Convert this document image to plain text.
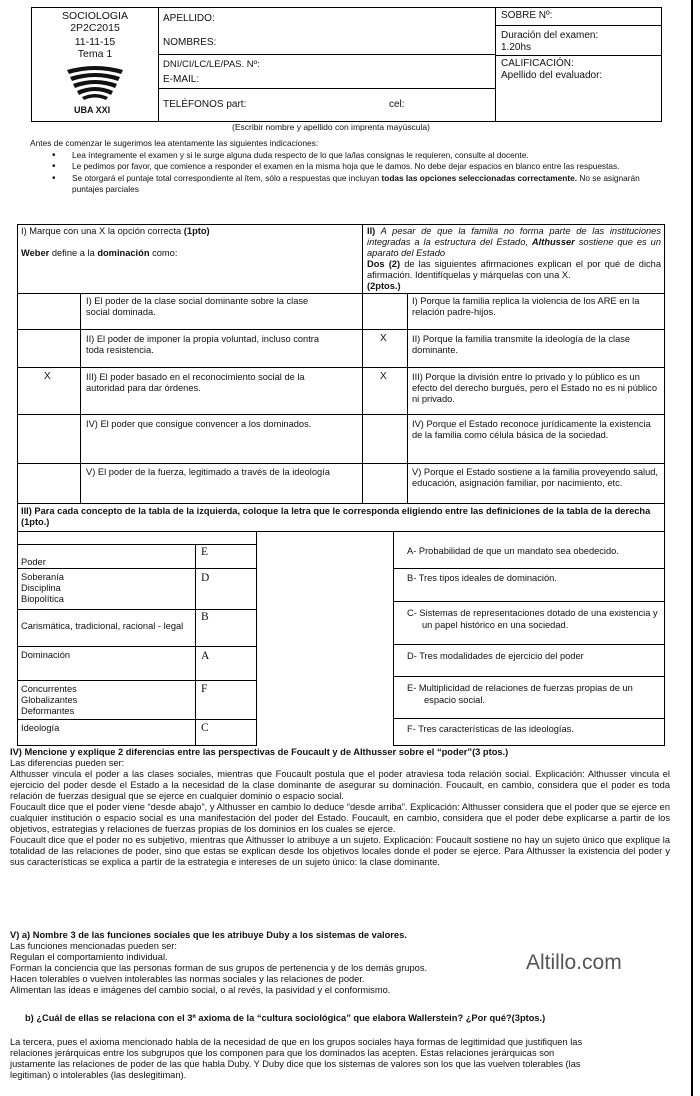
SOCIOLOGIA
2P2C2015
11-11-15
Tema 1
UBA XXI
APELLIDO:
NOMBRES:
DNI/CI/LC/LE/PAS. Nº:
E-MAIL:
TELÉFONOS part:	cel:
SOBRE Nº:
Duración del examen:
1.20hs
CALIFICACIÓN:
Apellido del evaluador:
(Escribir nombre y apellido con imprenta mayúscula)
Antes de comenzar le sugerimos lea atentamente las siguientes indicaciones:
• Lea íntegramente el examen y si le surge alguna duda respecto de lo que la/las consignas le requieren, consulte al docente.
• Le pedimos por favor, que comience a responder el examen en la misma hoja que le damos. No debe dejar espacios en blanco entre las respuestas.
• Se otorgará el puntaje total correspondiente al ítem, sólo a respuestas que incluyan todas las opciones seleccionadas correctamente. No se asignarán puntajes parciales
I) Marque con una X la opción correcta (1pto)
Weber define a la dominación como:
II) A pesar de que la familia no forma parte de las instituciones integradas a la estructura del Estado, Althusser sostiene que es un aparato del Estado
Dos (2) de las siguientes afirmaciones explican el por qué de dicha afirmación. Identifíquelas y márquelas con una X.
(2ptos.)
X
I) El poder de la clase social dominante sobre la clase social dominada.
II) El poder de imponer la propia voluntad, incluso contra toda resistencia.
III) El poder basado en el reconocimiento social de la autoridad para dar órdenes.
IV) El poder que consigue convencer a los dominados.
V) El poder de la fuerza, legitimado a través de la ideología
X
X
I) Porque la familia replica la violencia de los ARE en la relación padre-hijos.
II) Porque la familia transmite la ideología de la clase dominante.
III) Porque la división entre lo privado y lo público es un efecto del derecho burgués, pero el Estado no es ni público ni privado.
IV) Porque el Estado reconoce jurídicamente la existencia de la familia como célula básica de la sociedad.
V) Porque el Estado sostiene a la familia proveyendo salud, educación, asignación familiar, por nacimiento, etc.
III) Para cada concepto de la tabla de la izquierda, coloque la letra que le corresponda eligiendo entre las definiciones de la tabla de la derecha (1pto.)
Poder
Soberanía
Disciplina
Biopolítica
Carismática, tradicional, racional - legal
Dominación
Concurrentes
Globalizantes
Deformantes
Ideología
E
D
B
A
F
C
A- Probabilidad de que un mandato sea obedecido.
B- Tres tipos ideales de dominación.
C- Sistemas de representaciones dotado de una existencia y un papel histórico en una sociedad.
D- Tres modalidades de ejercicio del poder
E- Multiplicidad de relaciones de fuerzas propias de un espacio social.
F- Tres características de las ideologías.
IV) Mencione y explique 2 diferencias entre las perspectivas de Foucault y de Althusser sobre el “poder”(3 ptos.)
Las diferencias pueden ser:
Althusser vincula el poder a las clases sociales, mientras que Foucault postula que el poder atraviesa toda relación social. Explicación: Althusser vincula el ejercicio del poder desde el Estado a la necesidad de la clase dominante de asegurar su dominación. Foucault, en cambio, considera que el poder es toda relación de fuerzas desigual que se ejerce en cualquier dominio o espacio social.
Foucault dice que el poder viene “desde abajo”, y Althusser en cambio lo deduce “desde arriba”. Explicación: Althusser considera que el poder que se ejerce en cualquier institución o espacio social es una manifestación del poder del Estado. Foucault, en cambio, considera que el poder debe explicarse a partir de los objetivos, estrategias y relaciones de fuerzas propias de los dominios en los cuales se ejerce.
Foucault dice que el poder no es subjetivo, mientras que Althusser lo atribuye a un sujeto. Explicación: Foucault sostiene no hay un sujeto único que explique la totalidad de las relaciones de poder, sino que estas se explican desde los objetivos locales donde el poder se ejerce. Para Althusser la existencia del poder y sus características se explica a partir de la estrategia e intereses de un sujeto único: la clase dominante.
V) a) Nombre 3 de las funciones sociales que les atribuye Duby a los sistemas de valores.
Las funciones mencionadas pueden ser:
Regulan el comportamiento individual.
Forman la conciencia que las personas forman de sus grupos de pertenencia y de los demás grupos.
Hacen tolerables o vuelven intolerables las normas sociales y las relaciones de poder.
Alimentan las ideas e imágenes del cambio social, o al revés, la pasividad y el conformismo.
Altillo.com
b) ¿Cuál de ellas se relaciona con el 3ª axioma de la “cultura sociológica” que elabora Wallerstein? ¿Por qué?(3ptos.)
La tercera, pues el axioma mencionado habla de la necesidad de que en los grupos sociales haya formas de legitimidad que justifiquen las relaciones jerárquicas entre los subgrupos que los componen para que los dominados las acepten. Estas relaciones jerárquicas son justamente las relaciones de poder de las que habla Duby. Y Duby dice que los sistemas de valores son los que las vuelven tolerables (las legitiman) o intolerables (las deslegitiman).
